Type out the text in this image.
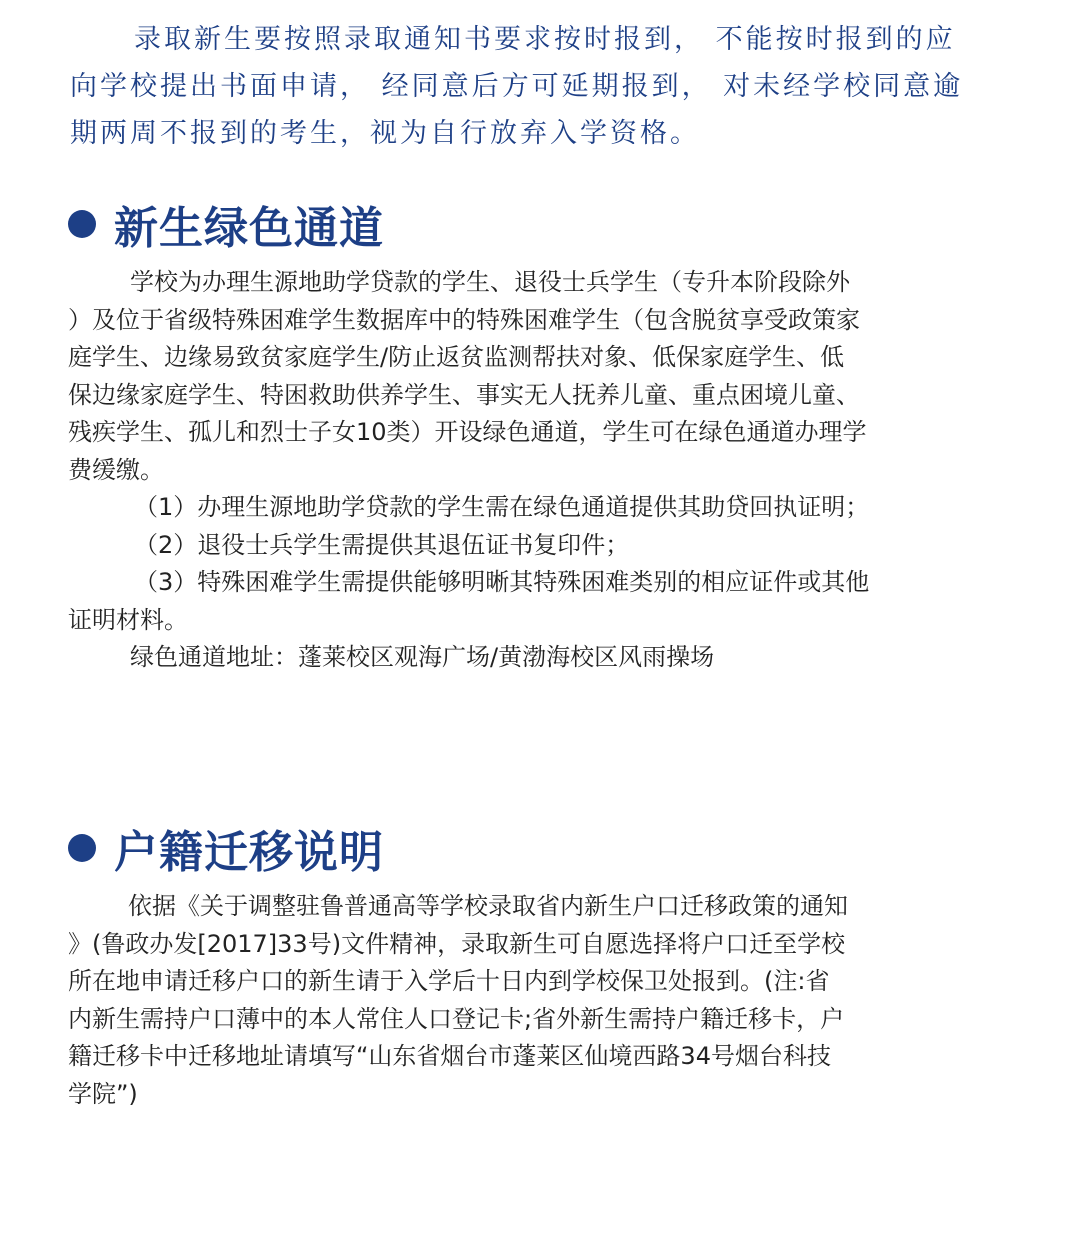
录取新生要按照录取通知书要求按时报到， 不能按时报到的应
向学校提出书面申请， 经同意后方可延期报到， 对未经学校同意逾
期两周不报到的考生，视为自行放弃入学资格。
新生绿色通道
学校为办理生源地助学贷款的学生、退役士兵学生（专升本阶段除外
）及位于省级特殊困难学生数据库中的特殊困难学生（包含脱贫享受政策家
庭学生、边缘易致贫家庭学生/防止返贫监测帮扶对象、低保家庭学生、低
保边缘家庭学生、特困救助供养学生、事实无人抚养儿童、重点困境儿童、
残疾学生、孤儿和烈士子女10类）开设绿色通道，学生可在绿色通道办理学
费缓缴。
（1）办理生源地助学贷款的学生需在绿色通道提供其助贷回执证明；
（2）退役士兵学生需提供其退伍证书复印件；
（3）特殊困难学生需提供能够明晰其特殊困难类别的相应证件或其他
证明材料。
绿色通道地址：蓬莱校区观海广场/黄渤海校区风雨操场
户籍迁移说明
依据《关于调整驻鲁普通高等学校录取省内新生户口迁移政策的通知
》(鲁政办发[2017]33号)文件精神，录取新生可自愿选择将户口迁至学校
所在地申请迁移户口的新生请于入学后十日内到学校保卫处报到。(注:省
内新生需持户口薄中的本人常住人口登记卡;省外新生需持户籍迁移卡，户
籍迁移卡中迁移地址请填写“山东省烟台市蓬莱区仙境西路34号烟台科技
学院”)
